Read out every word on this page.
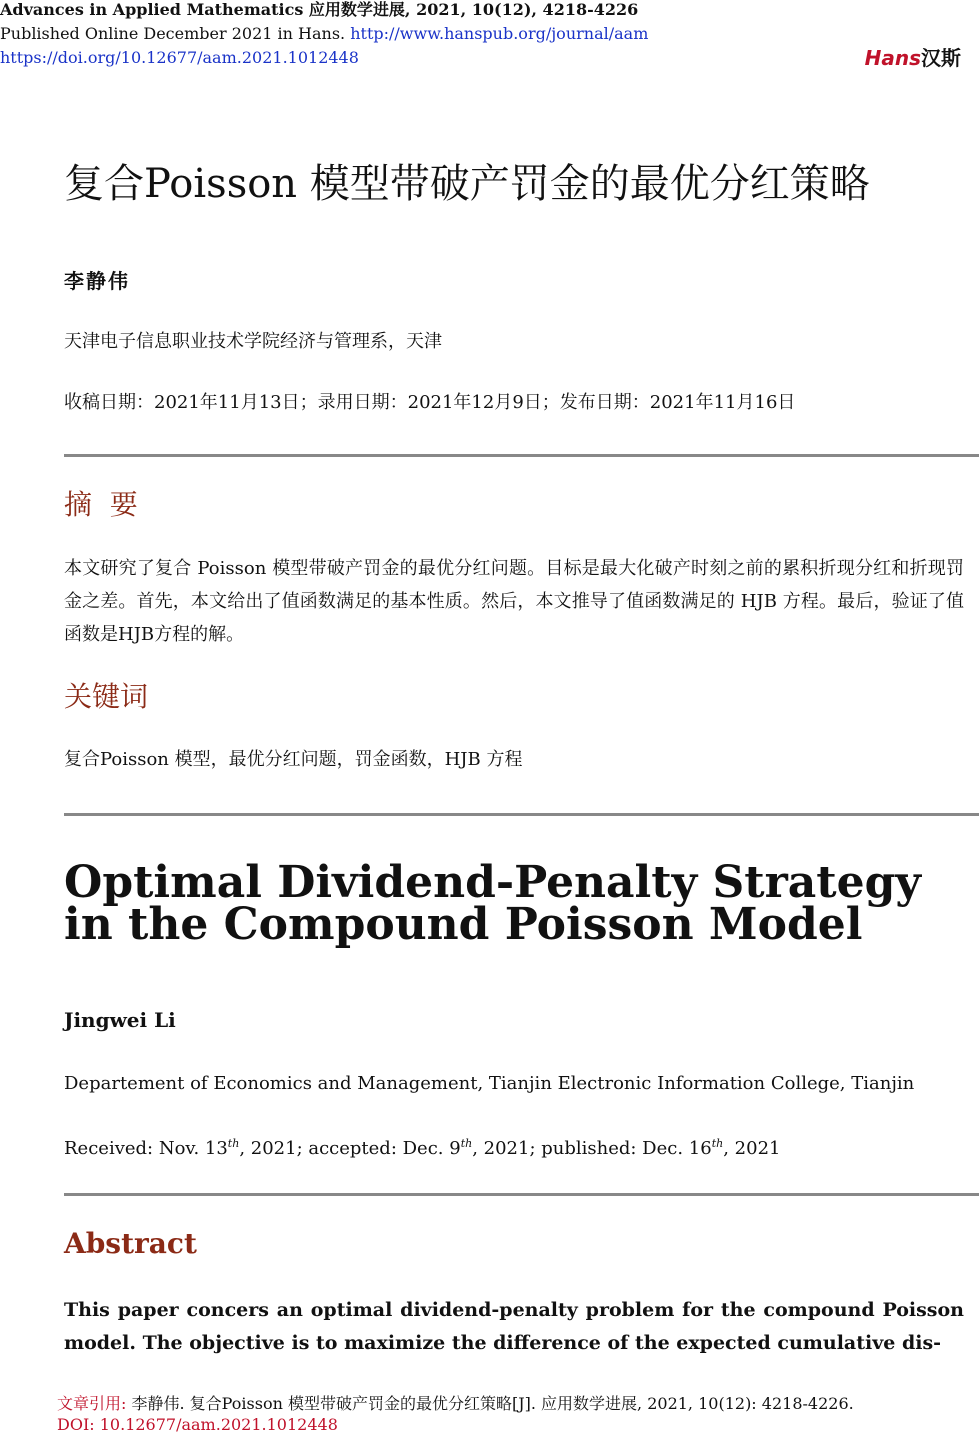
Advances in Applied Mathematics 应用数学进展, 2021, 10(12), 4218-4226
Published Online December 2021 in Hans. http://www.hanspub.org/journal/aam
https://doi.org/10.12677/aam.2021.1012448	Hans汉斯
复合Poisson 模型带破产罚金的最优分红策略
李静伟
天津电子信息职业技术学院经济与管理系，天津
收稿日期：2021年11月13日；录用日期：2021年12月9日；发布日期：2021年11月16日
摘  要
本文研究了复合 Poisson 模型带破产罚金的最优分红问题。目标是最大化破产时刻之前的累积折现分红和折现罚金之差。首先，本文给出了值函数满足的基本性质。然后，本文推导了值函数满足的 HJB 方程。最后，验证了值函数是HJB方程的解。
关键词
复合Poisson 模型，最优分红问题，罚金函数，HJB 方程
Optimal Dividend-Penalty Strategy in the Compound Poisson Model
Jingwei Li
Departement of Economics and Management, Tianjin Electronic Information College, Tianjin
Received: Nov. 13th, 2021; accepted: Dec. 9th, 2021; published: Dec. 16th, 2021
Abstract
This paper concers an optimal dividend-penalty problem for the compound Poisson model. The objective is to maximize the difference of the expected cumulative dis-
文章引用: 李静伟. 复合Poisson 模型带破产罚金的最优分红策略[J]. 应用数学进展, 2021, 10(12): 4218-4226.
DOI: 10.12677/aam.2021.1012448
